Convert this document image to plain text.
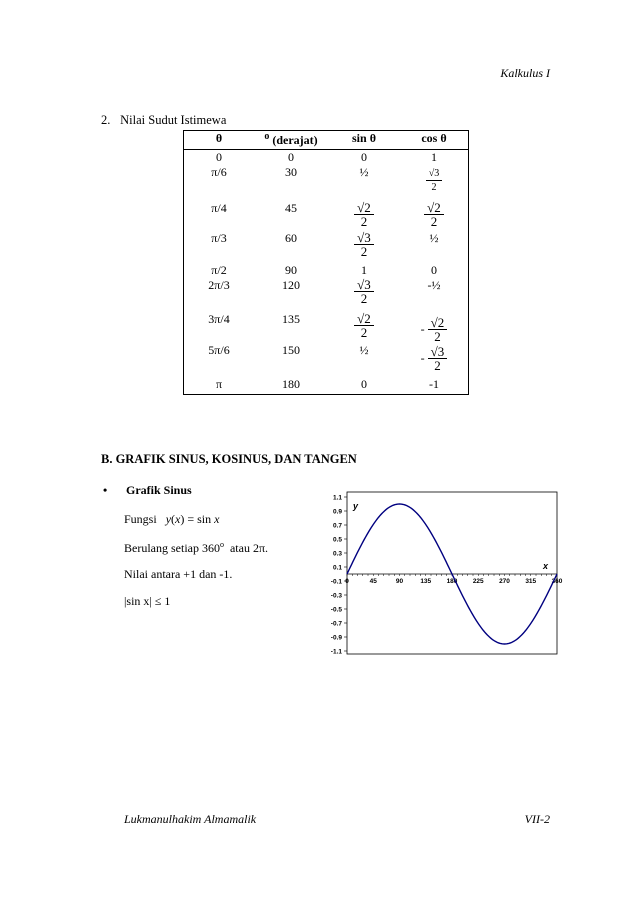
Kalkulus I
2. Nilai Sudut Istimewa
θ	$^o$ (derajat)	sin θ	cos θ
0	0	0	1
π/6	30	½	$\frac{√3}{2}$

π/4	45	$\frac{√2}{2}$	$\frac{√2}{2}$

π/3	60	$\frac{√3}{2}$	½
π/2	90	1	0
2π/3	120	$\frac{√3}{2}$	-½
3π/4	135	$\frac{√2}{2}$	- $\frac{√2}{2}$

5π/6	150	½	- $\frac{√3}{2}$

π	180	0	-1
B. GRAFIK SINUS, KOSINUS, DAN TANGEN
• Grafik Sinus
Fungsi   y(x) = sin x
Berulang setiap 360$^o$  atau 2π.
Nilai antara +1 dan -1.
|sin x| ≤ 1
1.1
0.9
0.7
0.5
0.3
0.1
-0.1
-0.3
-0.5
-0.7
-0.9
-1.1
0	45	90	135 180 225 270 315 360
y
x
Lukmanulhakim Almamalik	VII-2
